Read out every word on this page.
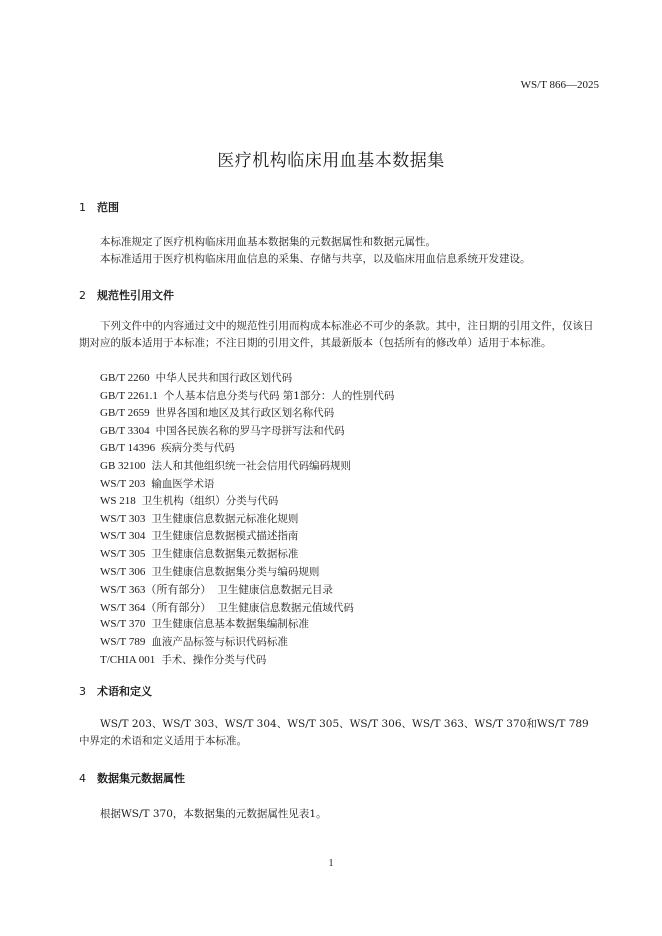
WS/T 866—2025
医疗机构临床用血基本数据集
1 范围
本标准规定了医疗机构临床用血基本数据集的元数据属性和数据元属性。
本标准适用于医疗机构临床用血信息的采集、存储与共享，以及临床用血信息系统开发建设。
2 规范性引用文件
下列文件中的内容通过文中的规范性引用而构成本标准必不可少的条款。其中，注日期的引用文件，仅该日期对应的版本适用于本标准；不注日期的引用文件，其最新版本（包括所有的修改单）适用于本标准。
GB/T 2260 中华人民共和国行政区划代码
GB/T 2261.1 个人基本信息分类与代码 第1部分：人的性别代码
GB/T 2659 世界各国和地区及其行政区划名称代码
GB/T 3304 中国各民族名称的罗马字母拼写法和代码
GB/T 14396 疾病分类与代码
GB 32100 法人和其他组织统一社会信用代码编码规则
WS/T 203 输血医学术语
WS 218 卫生机构（组织）分类与代码
WS/T 303 卫生健康信息数据元标准化规则
WS/T 304 卫生健康信息数据模式描述指南
WS/T 305 卫生健康信息数据集元数据标准
WS/T 306 卫生健康信息数据集分类与编码规则
WS/T 363（所有部分） 卫生健康信息数据元目录
WS/T 364（所有部分） 卫生健康信息数据元值域代码
WS/T 370 卫生健康信息基本数据集编制标准
WS/T 789 血液产品标签与标识代码标准
T/CHIA 001 手术、操作分类与代码
3 术语和定义
WS/T 203、WS/T 303、WS/T 304、WS/T 305、WS/T 306、WS/T 363、WS/T 370和WS/T 789中界定的术语和定义适用于本标准。
4 数据集元数据属性
根据WS/T 370，本数据集的元数据属性见表1。
1
